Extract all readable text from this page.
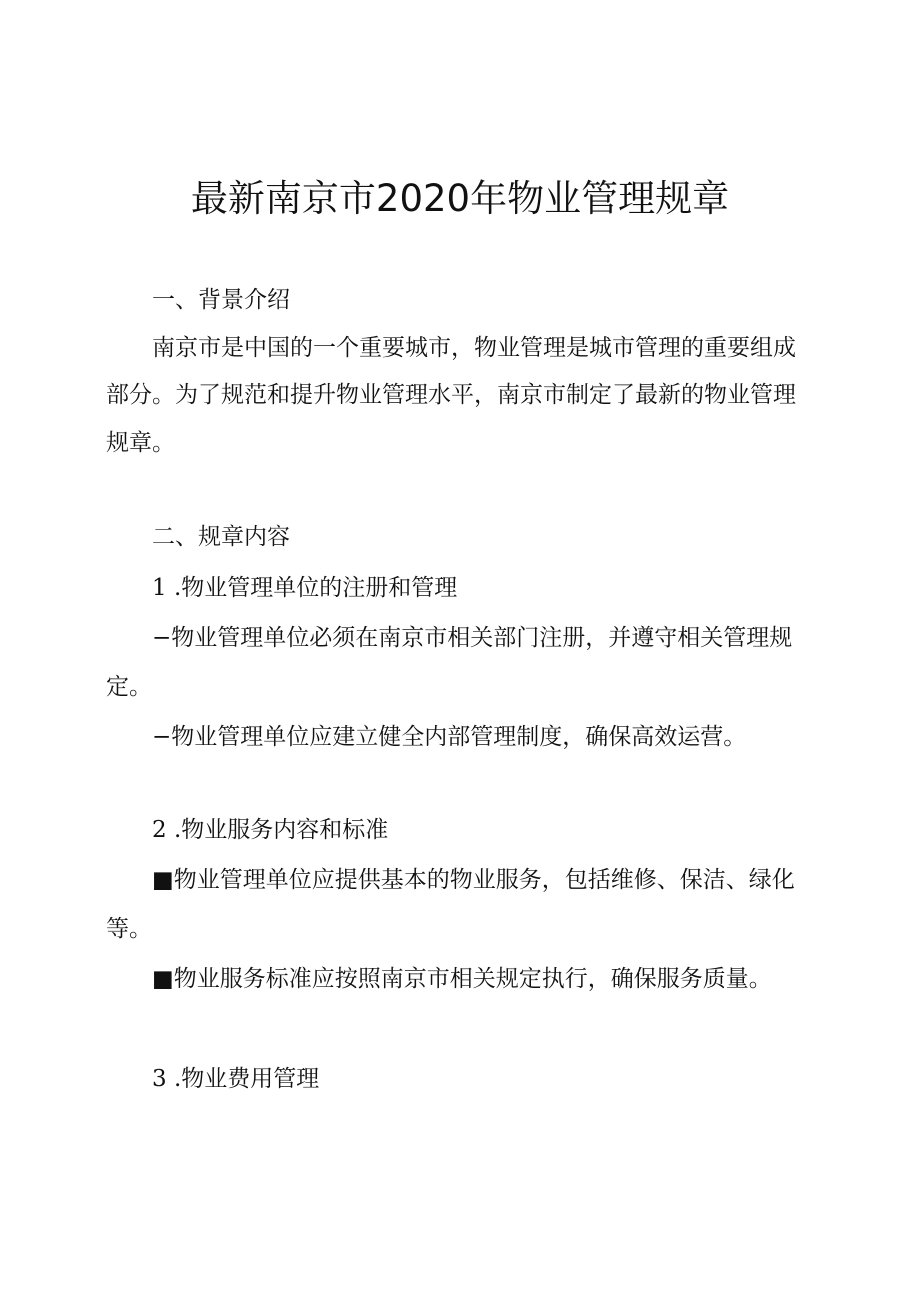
最新南京市2020年物业管理规章
一、背景介绍
南京市是中国的一个重要城市，物业管理是城市管理的重要组成
部分。为了规范和提升物业管理水平，南京市制定了最新的物业管理
规章。
二、规章内容
1 .物业管理单位的注册和管理
−物业管理单位必须在南京市相关部门注册，并遵守相关管理规
定。
−物业管理单位应建立健全内部管理制度，确保高效运营。
2 .物业服务内容和标准
■物业管理单位应提供基本的物业服务，包括维修、保洁、绿化
等。
■物业服务标准应按照南京市相关规定执行，确保服务质量。
3 .物业费用管理
